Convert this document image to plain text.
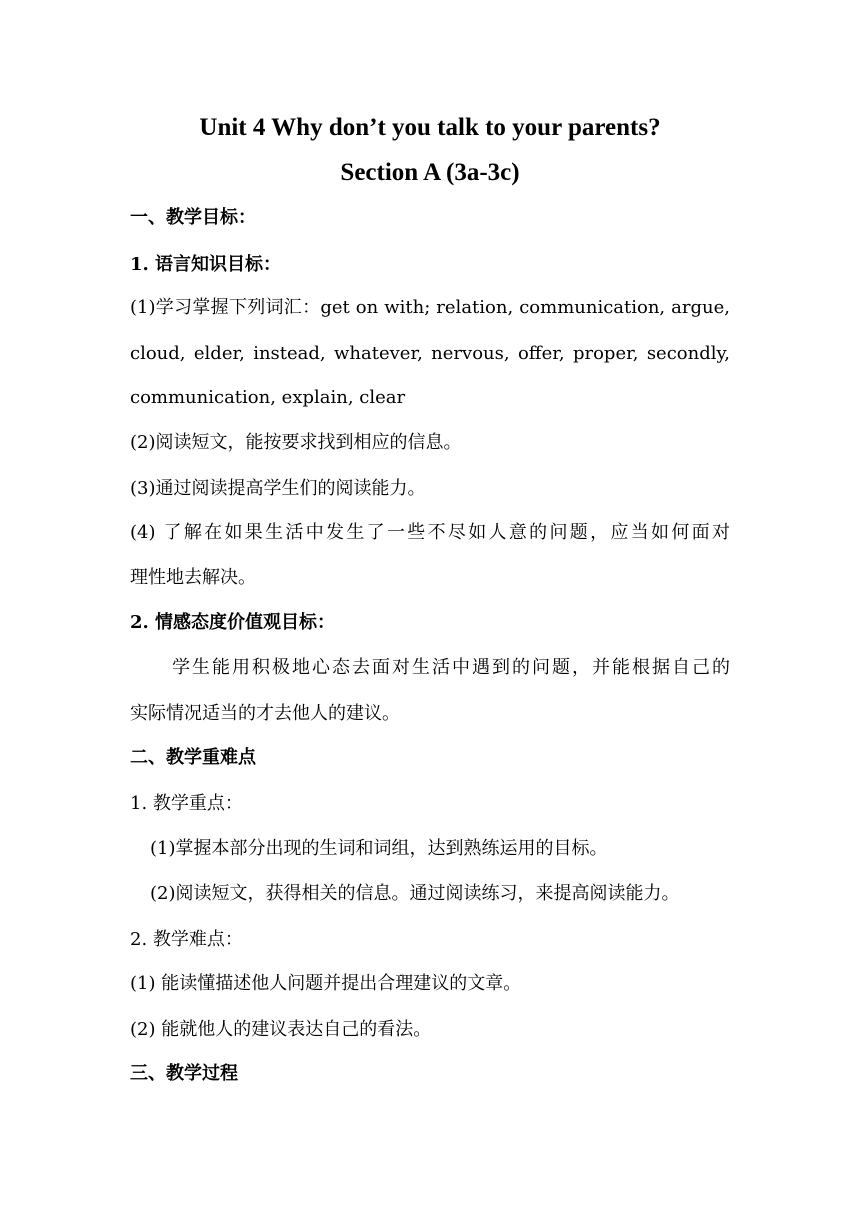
Unit 4 Why don’t you talk to your parents?
Section A (3a-3c)
一、教学目标：
1. 语言知识目标：
(1)学习掌握下列词汇：get on with; relation, communication, argue,
cloud, elder, instead, whatever, nervous, offer, proper, secondly,
communication, explain, clear
(2)阅读短文，能按要求找到相应的信息。
(3)通过阅读提高学生们的阅读能力。
(4) 了解在如果生活中发生了一些不尽如人意的问题，应当如何面对
理性地去解决。
2. 情感态度价值观目标：
学生能用积极地心态去面对生活中遇到的问题，并能根据自己的
实际情况适当的才去他人的建议。
二、教学重难点
1. 教学重点：
(1)掌握本部分出现的生词和词组，达到熟练运用的目标。
(2)阅读短文，获得相关的信息。通过阅读练习，来提高阅读能力。
2. 教学难点：
(1) 能读懂描述他人问题并提出合理建议的文章。
(2) 能就他人的建议表达自己的看法。
三、教学过程
